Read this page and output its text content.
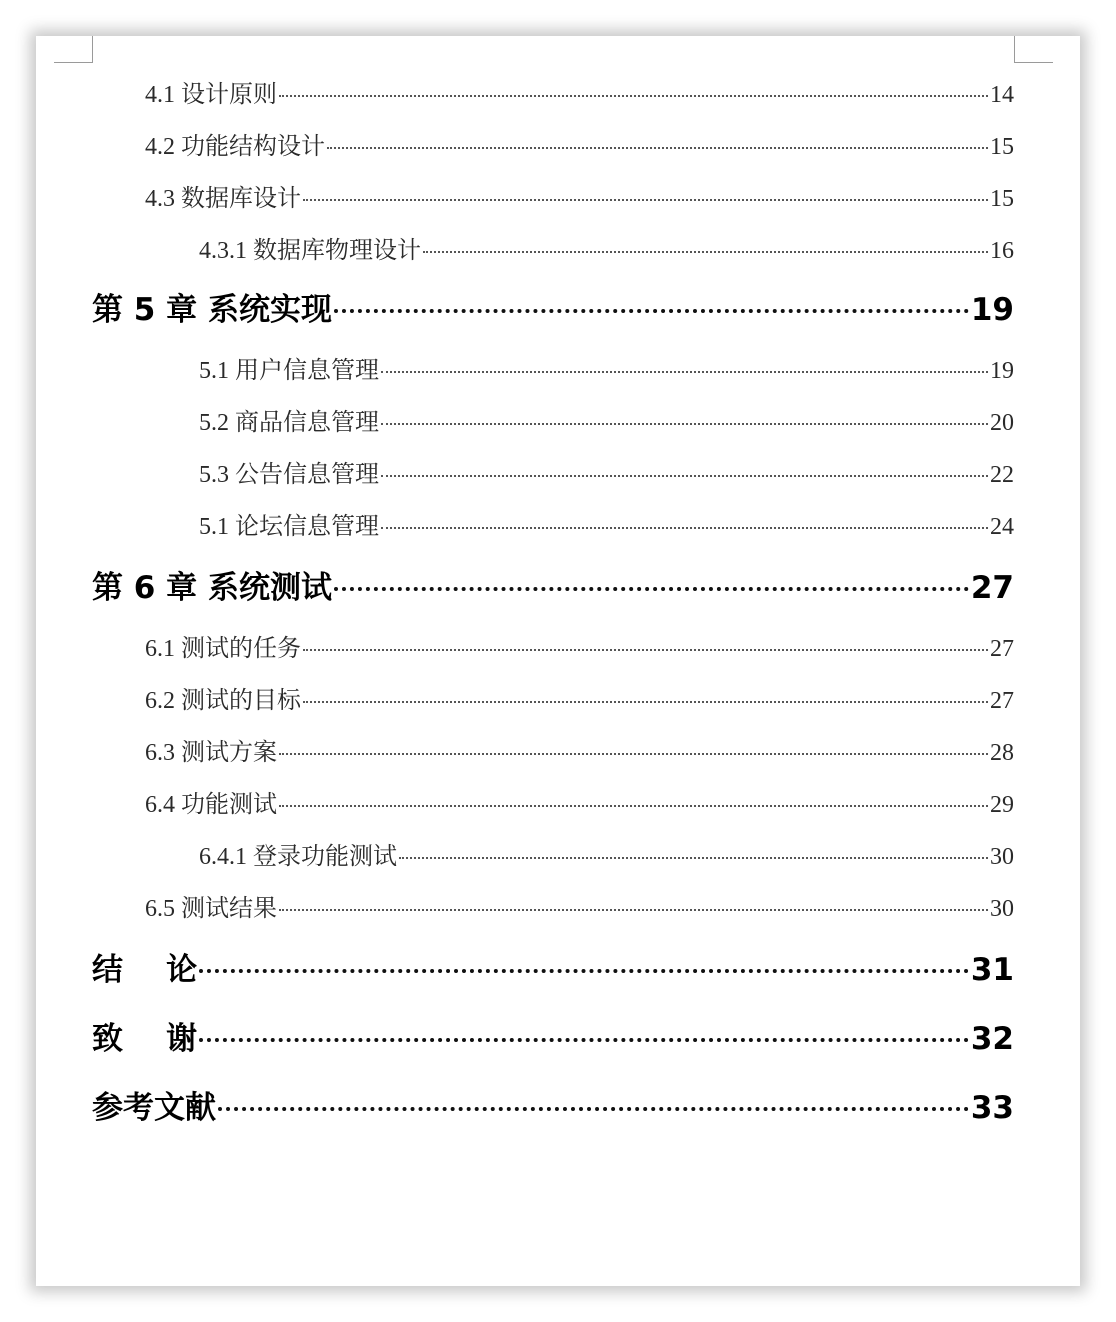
4.1 设计原则	14
4.2 功能结构设计	15
4.3 数据库设计	15
4.3.1 数据库物理设计	16
第 5 章 系统实现	19
5.1 用户信息管理	19
5.2 商品信息管理	20
5.3 公告信息管理	22
5.1 论坛信息管理	24
第 6 章 系统测试	27
6.1 测试的任务	27
6.2 测试的目标	27
6.3 测试方案	28
6.4 功能测试	29
6.4.1 登录功能测试	30
6.5 测试结果	30
结    论	31
致    谢	32
参考文献	33
